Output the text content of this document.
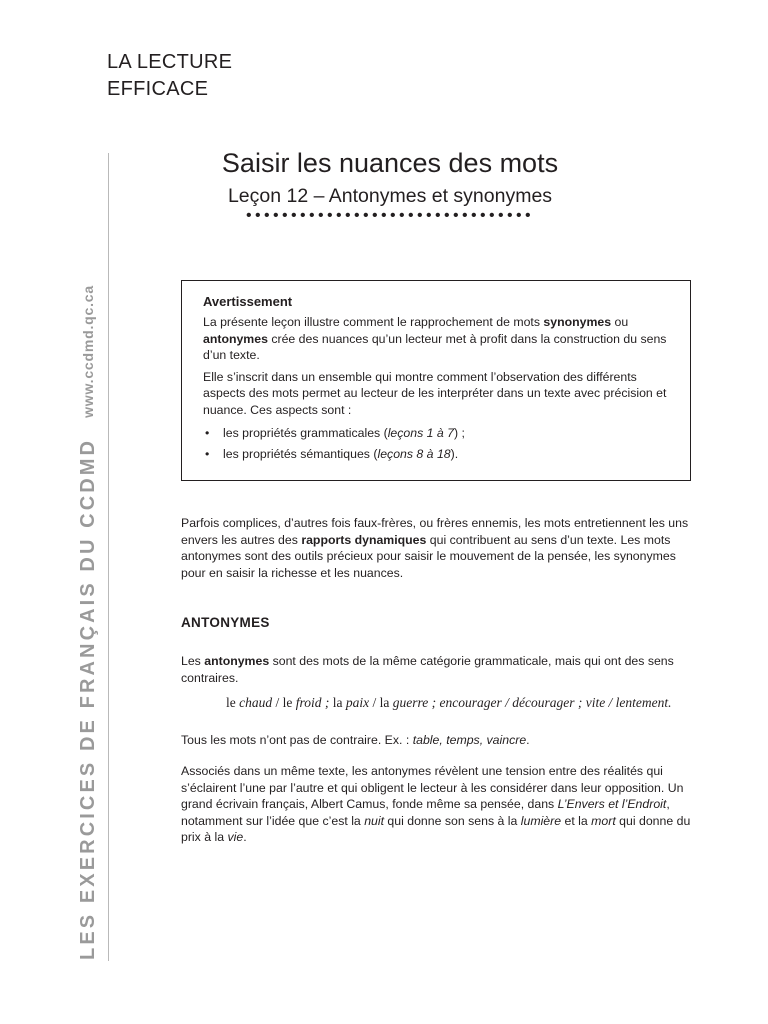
LA LECTURE
EFFICACE
LES EXERCICES DE FRANÇAIS DU CCDMD
www.ccdmd.qc.ca
Saisir les nuances des mots
Leçon 12 – Antonymes et synonymes
••••••••••••••••••••••••••••••••
Avertissement

La présente leçon illustre comment le rapprochement de mots synonymes ou antonymes crée des nuances qu’un lecteur met à profit dans la construction du sens d’un texte.

Elle s’inscrit dans un ensemble qui montre comment l’observation des différents aspects des mots permet au lecteur de les interpréter dans un texte avec précision et nuance. Ces aspects sont :

• les propriétés grammaticales (leçons 1 à 7) ;
• les propriétés sémantiques (leçons 8 à 18).

Parfois complices, d’autres fois faux-frères, ou frères ennemis, les mots entretiennent les uns envers les autres des rapports dynamiques qui contribuent au sens d’un texte. Les mots antonymes sont des outils précieux pour saisir le mouvement de la pensée, les synonymes pour en saisir la richesse et les nuances.

ANTONYMES

Les antonymes sont des mots de la même catégorie grammaticale, mais qui ont des sens contraires.

le chaud / le froid ; la paix / la guerre ; encourager / décourager ; vite / lentement.

Tous les mots n’ont pas de contraire. Ex. : table, temps, vaincre.

Associés dans un même texte, les antonymes révèlent une tension entre des réalités qui s’éclairent l’une par l’autre et qui obligent le lecteur à les considérer dans leur opposition. Un grand écrivain français, Albert Camus, fonde même sa pensée, dans L’Envers et l’Endroit, notamment sur l’idée que c’est la nuit qui donne son sens à la lumière et la mort qui donne du prix à la vie.
